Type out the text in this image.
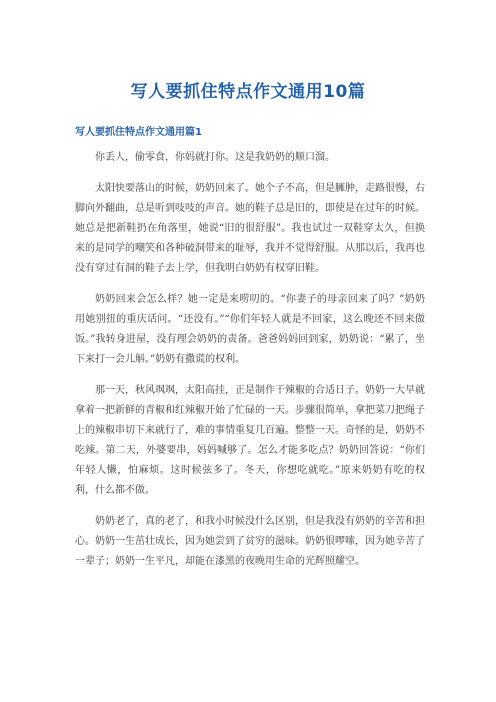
写人要抓住特点作文通用10篇
写人要抓住特点作文通用篇1

你丢人，偷零食，你妈就打你。这是我奶奶的顺口溜。

太阳快要落山的时候，奶奶回来了。她个子不高，但是臃肿，走路很慢，右脚向外翻曲，总是听到吱吱的声音。她的鞋子总是旧的，即使是在过年的时候。她总是把新鞋扔在角落里，她说“旧的很舒服”。我也试过一双鞋穿太久，但换来的是同学的嘲笑和各种破洞带来的耻辱，我并不觉得舒服。从那以后，我再也没有穿过有洞的鞋子去上学，但我明白奶奶有权穿旧鞋。

奶奶回来会怎么样？她一定是来唠叨的。“你妻子的母亲回来了吗？”奶奶用她别扭的重庆话问。“还没有。”“你们年轻人就是不回家，这么晚还不回来做饭。”我转身进屋，没有理会奶奶的责备。爸爸妈妈回到家，奶奶说：“累了，坐下来打一会儿斛。”奶奶有撒谎的权利。

那一天，秋风飒飒，太阳高挂，正是制作干辣椒的合适日子。奶奶一大早就拿着一把新鲜的青椒和红辣椒开始了忙碌的一天。步骤很简单，拿把菜刀把绳子上的辣椒串切下来就行了，难的事情重复几百遍。整整一天。奇怪的是，奶奶不吃辣。第二天，外婆要串，妈妈喊够了。怎么才能多吃点？奶奶回答说：“你们年轻人懒，怕麻烦。这时候弦多了。冬天，你想吃就吃。”原来奶奶有吃的权利，什么都不做。

奶奶老了，真的老了，和我小时候没什么区别，但是我没有奶奶的辛苦和担心。奶奶一生茁壮成长，因为她尝到了贫穷的滋味。奶奶很啰嗦，因为她辛苦了一辈子；奶奶一生平凡，却能在漆黑的夜晚用生命的光辉照耀空。
